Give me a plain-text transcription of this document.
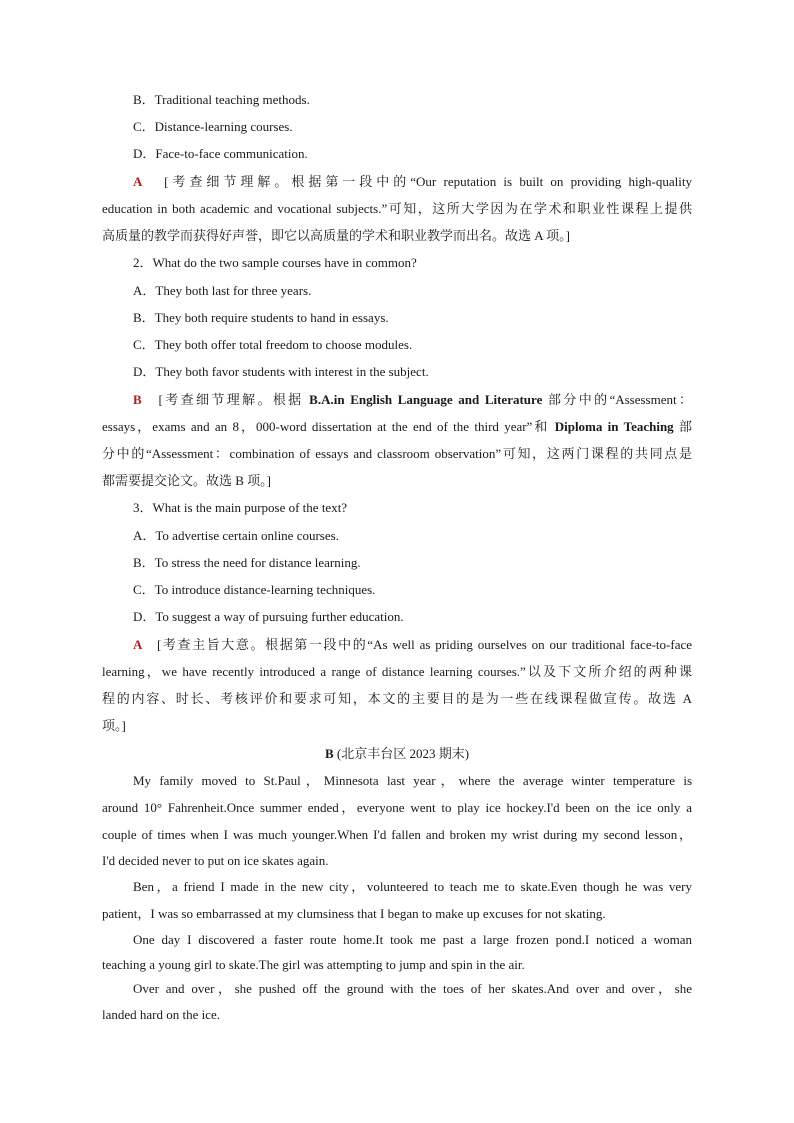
B．Traditional teaching methods.
C．Distance-learning courses.
D．Face-to-face communication.
A [考查细节理解。根据第一段中的“Our reputation is built on providing high-quality
education in both academic and vocational subjects.”可知，这所大学因为在学术和职业性课程上提供
高质量的教学而获得好声誉，即它以高质量的学术和职业教学而出名。故选 A 项。]
2．What do the two sample courses have in common?
A．They both last for three years.
B．They both require students to hand in essays.
C．They both offer total freedom to choose modules.
D．They both favor students with interest in the subject.
B [考查细节理解。根据 B.A.in English Language and Literature 部分中的“Assessment：
essays，exams and an 8，000-word dissertation at the end of the third year”和 Diploma in Teaching 部
分中的“Assessment：combination of essays and classroom observation”可知，这两门课程的共同点是
都需要提交论文。故选 B 项。]
3．What is the main purpose of the text?
A．To advertise certain online courses.
B．To stress the need for distance learning.
C．To introduce distance-learning techniques.
D．To suggest a way of pursuing further education.
A [考查主旨大意。根据第一段中的“As well as priding ourselves on our traditional face-to-face
learning，we have recently introduced a range of distance learning courses.”以及下文所介绍的两种课
程的内容、时长、考核评价和要求可知，本文的主要目的是为一些在线课程做宣传。故选 A
项。]
B (北京丰台区 2023 期末)
My family moved to St.Paul，Minnesota last year，where the average winter temperature is
around 10° Fahrenheit.Once summer ended，everyone went to play ice hockey.I'd been on the ice only a
couple of times when I was much younger.When I'd fallen and broken my wrist during my second lesson，
I'd decided never to put on ice skates again.
Ben，a friend I made in the new city，volunteered to teach me to skate.Even though he was very
patient，I was so embarrassed at my clumsiness that I began to make up excuses for not skating.
One day I discovered a faster route home.It took me past a large frozen pond.I noticed a woman
teaching a young girl to skate.The girl was attempting to jump and spin in the air.
Over and over，she pushed off the ground with the toes of her skates.And over and over，she
landed hard on the ice.
